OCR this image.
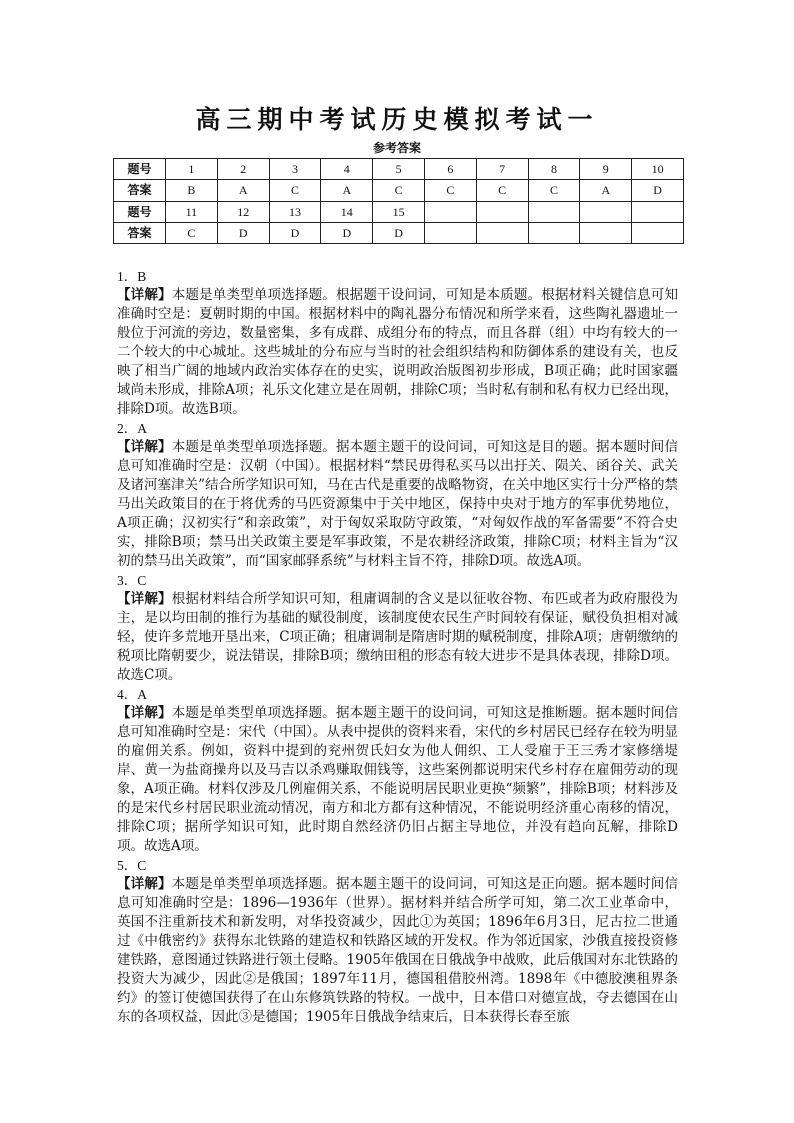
高三期中考试历史模拟考试一
参考答案
题号	1	2	3	4	5	6	7	8	9	10
答案	B	A	C	A	C	C	C	C	A	D
题号	11	12	13	14	15					
答案	C	D	D	D	D					

1．B

【详解】本题是单类型单项选择题。根据题干设问词，可知是本质题。根据材料关键信息可知准确时空是：夏朝时期的中国。根据材料中的陶礼器分布情况和所学来看，这些陶礼器遗址一般位于河流的旁边，数量密集，多有成群、成组分布的特点，而且各群（组）中均有较大的一二个较大的中心城址。这些城址的分布应与当时的社会组织结构和防御体系的建设有关，也反映了相当广阔的地域内政治实体存在的史实，说明政治版图初步形成，B项正确；此时国家疆域尚未形成，排除A项；礼乐文化建立是在周朝，排除C项；当时私有制和私有权力已经出现，排除D项。故选B项。

2．A

【详解】本题是单类型单项选择题。据本题主题干的设问词，可知这是目的题。据本题时间信息可知准确时空是：汉朝（中国）。根据材料“禁民毋得私买马以出扜关、陨关、函谷关、武关及诸河塞津关”结合所学知识可知，马在古代是重要的战略物资，在关中地区实行十分严格的禁马出关政策目的在于将优秀的马匹资源集中于关中地区，保持中央对于地方的军事优势地位，A项正确；汉初实行“和亲政策”，对于匈奴采取防守政策，“对匈奴作战的军备需要”不符合史实，排除B项；禁马出关政策主要是军事政策，不是农耕经济政策，排除C项；材料主旨为“汉初的禁马出关政策”，而“国家邮驿系统”与材料主旨不符，排除D项。故选A项。

3．C

【详解】根据材料结合所学知识可知，租庸调制的含义是以征收谷物、布匹或者为政府服役为主，是以均田制的推行为基础的赋役制度，该制度使农民生产时间较有保证，赋役负担相对减轻，使许多荒地开垦出来，C项正确；租庸调制是隋唐时期的赋税制度，排除A项；唐朝缴纳的税项比隋朝要少，说法错误，排除B项；缴纳田租的形态有较大进步不是具体表现，排除D项。故选C项。

4．A

【详解】本题是单类型单项选择题。据本题主题干的设问词，可知这是推断题。据本题时间信息可知准确时空是：宋代（中国）。从表中提供的资料来看，宋代的乡村居民已经存在较为明显的雇佣关系。例如，资料中提到的兖州贺氏妇女为他人佣织、工人受雇于王三秀才家修缮堤岸、黄一为盐商操舟以及马吉以杀鸡赚取佣钱等，这些案例都说明宋代乡村存在雇佣劳动的现象，A项正确。材料仅涉及几例雇佣关系，不能说明居民职业更换“频繁”，排除B项；材料涉及的是宋代乡村居民职业流动情况，南方和北方都有这种情况，不能说明经济重心南移的情况，排除C项；据所学知识可知，此时期自然经济仍旧占据主导地位，并没有趋向瓦解，排除D项。故选A项。

5．C

【详解】本题是单类型单项选择题。据本题主题干的设问词，可知这是正向题。据本题时间信息可知准确时空是：1896—1936年（世界）。据材料并结合所学可知，第二次工业革命中，英国不注重新技术和新发明，对华投资减少，因此①为英国；1896年6月3日，尼古拉二世通过《中俄密约》获得东北铁路的建造权和铁路区域的开发权。作为邻近国家，沙俄直接投资修建铁路，意图通过铁路进行领土侵略。1905年俄国在日俄战争中战败，此后俄国对东北铁路的投资大为减少，因此②是俄国；1897年11月，德国租借胶州湾。1898年《中德胶澳租界条约》的签订使德国获得了在山东修筑铁路的特权。一战中，日本借口对德宣战，夺去德国在山东的各项权益，因此③是德国；1905年日俄战争结束后，日本获得长春至旅
